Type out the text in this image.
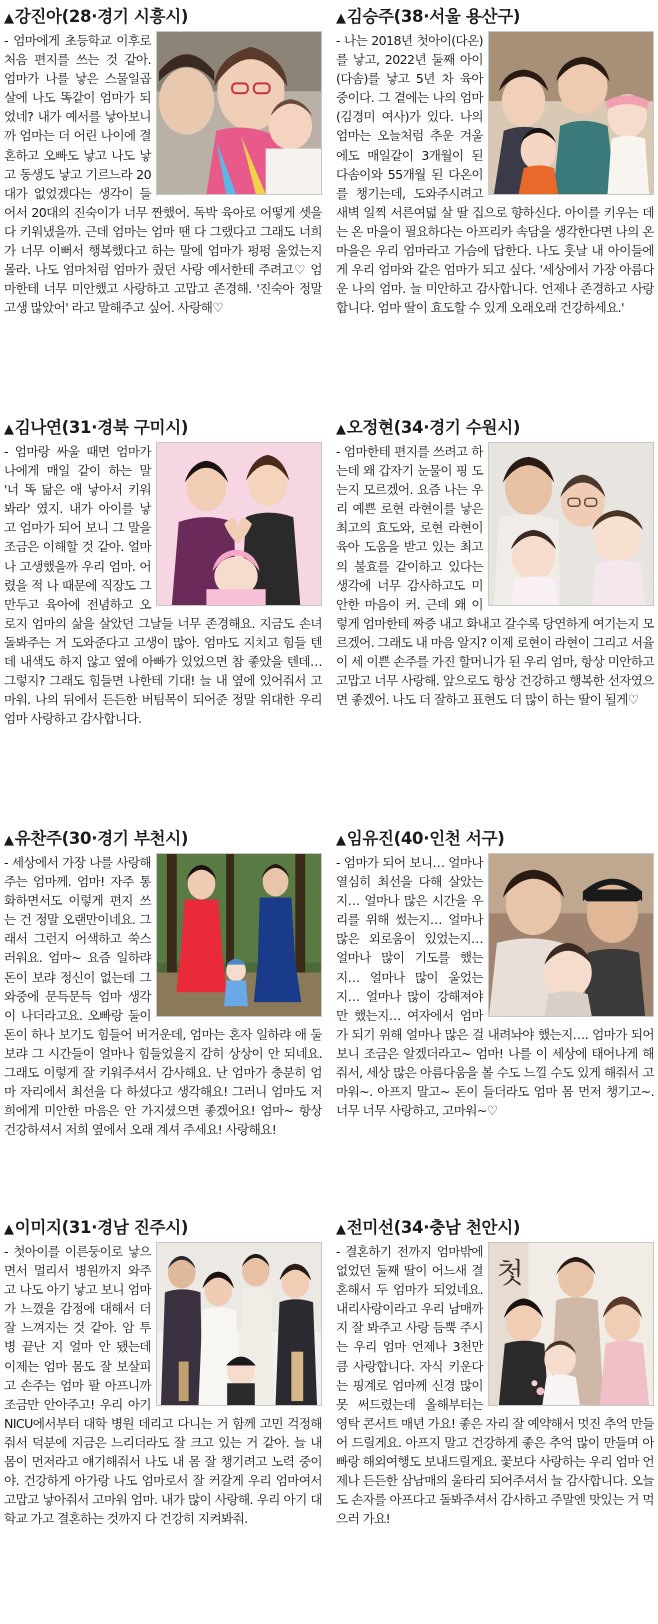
▲강진아(28·경기 시흥시)
- 엄마에게 초등학교 이후로 처음 편지를 쓰는 것 같아. 엄마가 나를 낳은 스물일곱 살에 나도 똑같이 엄마가 되었네? 내가 예서를 낳아보니까 엄마는 더 어린 나이에 결혼하고 오빠도 낳고 나도 낳고 동생도 낳고 기르느라 20대가 없었겠다는 생각이 들어서 20대의 진숙이가 너무 짠했어. 독박 육아로 어떻게 셋을 다 키워냈을까. 근데 엄마는 엄마 땐 다 그랬다고 그래도 너희가 너무 이뻐서 행복했다고 하는 말에 엄마가 펑펑 울었는지 몰라. 나도 엄마처럼 엄마가 줬던 사랑 예서한테 주려고♡ 엄마한테 너무 미안했고 사랑하고 고맙고 존경해. '진숙아 정말 고생 많았어' 라고 말해주고 싶어. 사랑해♡
▲김승주(38·서울 용산구)
- 나는 2018년 첫아이(다온)를 낳고, 2022년 둘째 아이(다솜)를 낳고 5년 차 육아 중이다. 그 곁에는 나의 엄마(김경미 여사)가 있다. 나의 엄마는 오늘처럼 추운 겨울에도 매일같이 3개월이 된 다솜이와 55개월 된 다온이를 챙기는데, 도와주시려고 새벽 일찍 서른여덟 살 딸 집으로 향하신다. 아이를 키우는 데는 온 마을이 필요하다는 아프리카 속담을 생각한다면 나의 온 마을은 우리 엄마라고 가슴에 답한다. 나도 훗날 내 아이들에게 우리 엄마와 같은 엄마가 되고 싶다. '세상에서 가장 아름다운 나의 엄마. 늘 미안하고 감사합니다. 언제나 존경하고 사랑합니다. 엄마 딸이 효도할 수 있게 오래오래 건강하세요.'
▲김나연(31·경북 구미시)
- 엄마랑 싸울 때면 엄마가 나에게 매일 같이 하는 말 '너 똑 닮은 애 낳아서 키워봐라' 였지. 내가 아이를 낳고 엄마가 되어 보니 그 말을 조금은 이해할 것 같아. 얼마나 고생했을까 우리 엄마. 어렸을 적 나 때문에 직장도 그만두고 육아에 전념하고 오로지 엄마의 삶을 살았던 그날들 너무 존경해요. 지금도 손녀 돌봐주는 거 도와준다고 고생이 많아. 엄마도 지치고 힘들 텐데 내색도 하지 않고 옆에 아빠가 있었으면 참 좋았을 텐데… 그렇지? 그래도 힘들면 나한테 기대! 늘 내 옆에 있어줘서 고마워. 나의 뒤에서 든든한 버팀목이 되어준 정말 위대한 우리 엄마 사랑하고 감사합니다.
▲오정현(34·경기 수원시)
- 엄마한테 편지를 쓰려고 하는데 왜 갑자기 눈물이 핑 도는지 모르겠어. 요즘 나는 우리 예쁜 로현 라현이를 낳은 최고의 효도와, 로현 라현이 육아 도움을 받고 있는 최고의 불효를 같이하고 있다는 생각에 너무 감사하고도 미안한 마음이 커. 근데 왜 이렇게 엄마한테 짜증 내고 화내고 갈수록 당연하게 여기는지 모르겠어. 그래도 내 마음 알지? 이제 로현이 라현이 그리고 서율이 세 이쁜 손주를 가진 할머니가 된 우리 엄마, 항상 미안하고 고맙고 너무 사랑해. 앞으로도 항상 건강하고 행복한 선자였으면 좋겠어. 나도 더 잘하고 표현도 더 많이 하는 딸이 될게♡
▲유찬주(30·경기 부천시)
- 세상에서 가장 나를 사랑해주는 엄마께. 엄마! 자주 통화하면서도 이렇게 편지 쓰는 건 정말 오랜만이네요. 그래서 그런지 어색하고 쑥스러워요. 엄마~ 요즘 일하랴 돈이 보랴 정신이 없는데 그 와중에 문득문득 엄마 생각이 나더라고요. 오빠랑 둘이 돈이 하나 보기도 힘들어 버거운데, 엄마는 혼자 일하랴 애 둘 보랴 그 시간들이 얼마나 힘들었을지 감히 상상이 안 되네요. 그래도 이렇게 잘 키워주셔서 감사해요. 난 엄마가 충분히 엄마 자리에서 최선을 다 하셨다고 생각해요! 그러니 엄마도 저희에게 미안한 마음은 안 가지셨으면 좋겠어요! 엄마~ 항상 건강하셔서 저희 옆에서 오래 계셔 주세요! 사랑해요!
▲임유진(40·인천 서구)
- 엄마가 되어 보니… 얼마나 열심히 최선을 다해 살았는지… 얼마나 많은 시간을 우리를 위해 썼는지… 얼마나 많은 외로움이 있었는지… 얼마나 많이 기도를 했는지… 얼마나 많이 울었는지… 얼마나 많이 강해져야만 했는지… 여자에서 엄마가 되기 위해 얼마나 많은 걸 내려놔야 했는지…. 엄마가 되어 보니 조금은 알겠더라고~ 엄마! 나를 이 세상에 태어나게 해줘서, 세상 많은 아름다움을 볼 수도 느낄 수도 있게 해줘서 고마워~. 아프지 말고~ 돈이 들더라도 엄마 몸 먼저 챙기고~. 너무 너무 사랑하고, 고마워~♡
▲이미지(31·경남 진주시)
- 첫아이를 이른둥이로 낳으면서 멀리서 병원까지 와주고 나도 아기 낳고 보니 엄마가 느꼈을 감정에 대해서 더 잘 느껴지는 것 같아. 암 투병 끝난 지 얼마 안 됐는데 이제는 엄마 몸도 잘 보살피고 손주는 엄마 팔 아프니까 조금만 안아주고! 우리 아기 NICU에서부터 대학 병원 데리고 다니는 거 함께 고민 걱정해줘서 덕분에 지금은 느리더라도 잘 크고 있는 거 같아. 늘 내 몸이 먼저라고 얘기해줘서 나도 내 몸 잘 챙기려고 노력 중이야. 건강하게 아가랑 나도 엄마로서 잘 커갈게 우리 엄마여서 고맙고 낳아줘서 고마워 엄마. 내가 많이 사랑해. 우리 아기 대학교 가고 결혼하는 것까지 다 건강히 지켜봐줘.
▲전미선(34·충남 천안시)
첫
- 결혼하기 전까지 엄마밖에 없었던 둘째 딸이 어느새 결혼해서 두 엄마가 되었네요. 내리사랑이라고 우리 남매까지 잘 봐주고 사랑 듬뿍 주시는 우리 엄마 언제나 3천만큼 사랑합니다. 자식 키운다는 핑계로 엄마께 신경 많이 못 써드렸는데 올해부터는 영탁 콘서트 매년 가요! 좋은 자리 잘 예약해서 멋진 추억 만들어 드릴게요. 아프지 말고 건강하게 좋은 추억 많이 만들며 아빠랑 해외여행도 보내드릴게요. 꽃보다 사랑하는 우리 엄마 언제나 든든한 삼남매의 울타리 되어주셔서 늘 감사합니다. 오늘도 손자를 아프다고 돌봐주셔서 감사하고 주말엔 맛있는 거 먹으러 가요!
